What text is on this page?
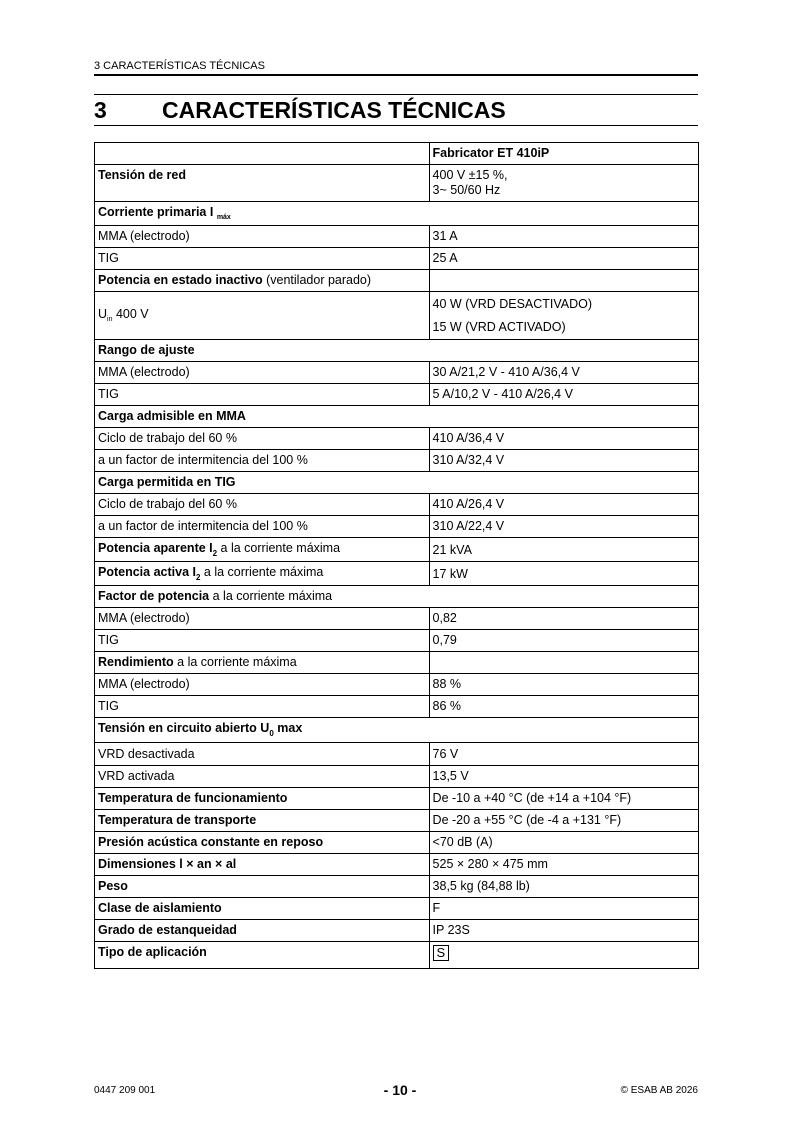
3 CARACTERÍSTICAS TÉCNICAS
3 CARACTERÍSTICAS TÉCNICAS
	Fabricator ET 410iP
Tensión de red	400 V ±15 %,
3~ 50/60 Hz

Corriente primaria I $_{máx}$
MMA (electrodo)	31 A
TIG	25 A
Potencia en estado inactivo (ventilador parado)	
$U_{in}$ 400 V	40 W (VRD DESACTIVADO)
15 W (VRD ACTIVADO)

Rango de ajuste	
MMA (electrodo)	30 A/21,2 V - 410 A/36,4 V
TIG	5 A/10,2 V - 410 A/26,4 V
Carga admisible en MMA	
Ciclo de trabajo del 60 %	410 A/36,4 V
a un factor de intermitencia del 100 %	310 A/32,4 V
Carga permitida en TIG	
Ciclo de trabajo del 60 %	410 A/26,4 V
a un factor de intermitencia del 100 %	310 A/22,4 V
Potencia aparente $I_2$ a la corriente máxima	21 kVA
Potencia activa $I_2$ a la corriente máxima	17 kW
Factor de potencia a la corriente máxima	
MMA (electrodo)	0,82
TIG	0,79
Rendimiento a la corriente máxima	
MMA (electrodo)	88 %
TIG	86 %
Tensión en circuito abierto $U_0$ max	
VRD desactivada	76 V
VRD activada	13,5 V
Temperatura de funcionamiento	De -10 a +40 °C (de +14 a +104 °F)
Temperatura de transporte	De -20 a +55 °C (de -4 a +131 °F)
Presión acústica constante en reposo	<70 dB (A)
Dimensiones l × an × al	525 × 280 × 475 mm
Peso	38,5 kg (84,88 lb)
Clase de aislamiento	F
Grado de estanqueidad	IP 23S
Tipo de aplicación	S
0447 209 001	- 10 -	© ESAB AB 2026
